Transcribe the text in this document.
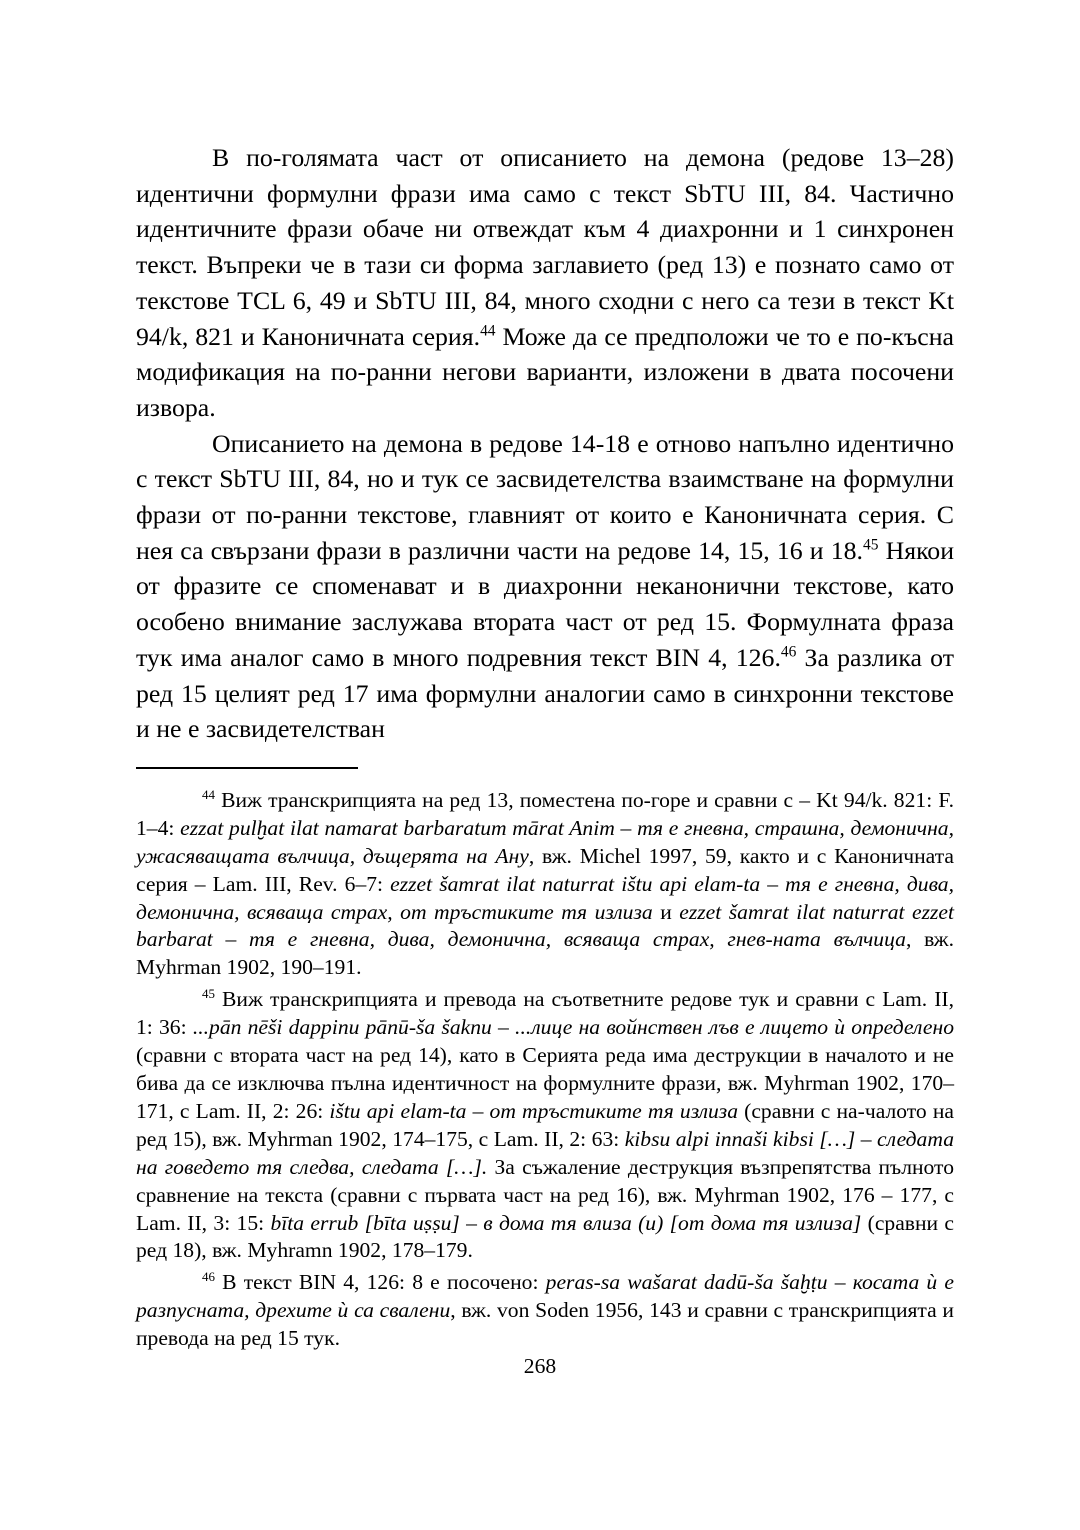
В по-голямата част от описанието на демона (редове 13–28) идентични формулни фрази има само с текст SbTU III, 84. Частично идентичните фрази обаче ни отвеждат към 4 диахронни и 1 синхронен текст. Въпреки че в тази си форма заглавието (ред 13) е познато само от текстове TCL 6, 49 и SbTU III, 84, много сходни с него са тези в текст Kt 94/k, 821 и Каноничната серия.$^{44}$ Може да се предположи че то е по-късна модификация на по-ранни негови варианти, изложени в двата посочени извора.

Описанието на демона в редове 14-18 е отново напълно идентично с текст SbTU III, 84, но и тук се засвидетелства взаимстване на формулни фрази от по-ранни текстове, главният от които е Каноничната серия. С нея са свързани фрази в различни части на редове 14, 15, 16 и 18.45 Някои от фразите се споменават и в диахронни неканонични текстове, като особено внимание заслужава втората част от ред 15. Формулната фраза тук има аналог само в много подревния текст BIN 4, 126.46 За разлика от ред 15 целият ред 17 има формулни аналогии само в синхронни текстове и не е засвидетелстван

$^{44}$ Виж транскрипцията на ред 13, поместена по-горе и сравни с – Kt 94/k. 821: F. 1–4: ezzat pulḫat ilat namarat barbaratum mārat Anim – тя е гневна, страшна, демонична, ужасяващата вълчица, дъщерята на Ану, вж. Michel 1997, 59, както и с Каноничната серия – Lam. III, Rev. 6–7: ezzet šamrat ilat naturrat ištu api elam-ta – тя е гневна, дива, демонична, всяваща страх, от тръстиките тя излиза и ezzet šamrat ilat naturrat ezzet barbarat – тя е гневна, дива, демонична, всяваща страх, гнев-ната вълчица, вж. Myhrman 1902, 190–191.

$^{45}$ Виж транскрипцията и превода на съответните редове тук и сравни с Lam. II, 1: 36: ...pān nēši dappinu pānū-ša šaknu – ...лице на войнствен лъв е лицето ѝ определено (сравни с втората част на ред 14), като в Серията реда има деструкции в началото и не бива да се изключва пълна идентичност на формулните фрази, вж. Myhrman 1902, 170–171, с Lam. II, 2: 26: ištu api elam-ta – от тръстиките тя излиза (сравни с на-чалото на ред 15), вж. Myhrman 1902, 174–175, с Lam. II, 2: 63: kibsu alpi innaši kibsi […] – следата на говедето тя следва, следата […]. За съжаление деструкция възпрепятства пълното сравнение на текста (сравни с първата част на ред 16), вж. Myhrman 1902, 176 – 177, с Lam. II, 3: 15: bīta errub [bīta uṣṣu] – в дома тя влиза (и) [от дома тя излиза] (сравни с ред 18), вж. Myhramn 1902, 178–179.

$^{46}$ В текст BIN 4, 126: 8 е посочено: peras-sa wašarat dadū-ša šaḫṭu – косата ѝ е разпусната, дрехите ѝ са свалени, вж. von Soden 1956, 143 и сравни с транскрипцията и превода на ред 15 тук.

268
